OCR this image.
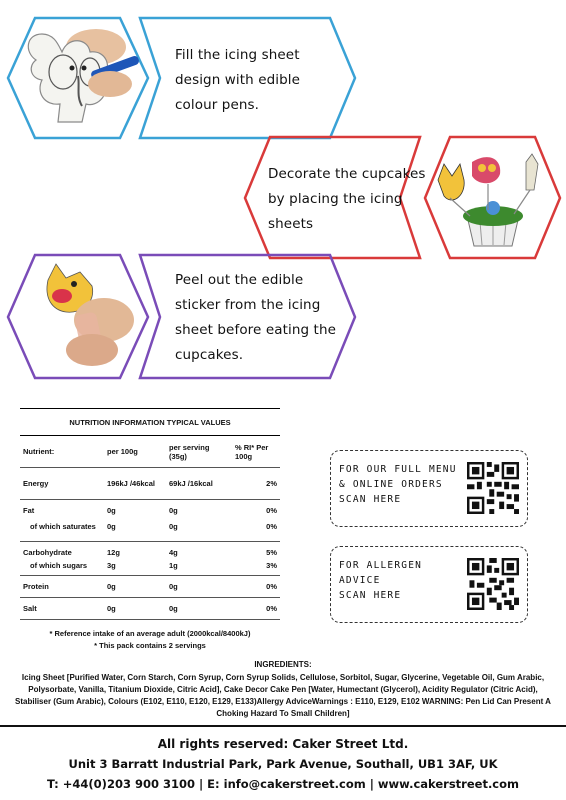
Fill the icing sheet
design with edible
colour pens.
Decorate the cupcakes
by placing the icing
sheets
Peel out the edible
sticker from the icing
sheet before eating the
cupcakes.
NUTRITION INFORMATION TYPICAL VALUES			
Nutrient:	per 100g	per serving (35g)	% RI* Per 100g
Energy	196kJ /46kcal	69kJ /16kcal	2%
Fat	0g	0g	0%
of which saturates	0g	0g	0%
Carbohydrate	12g	4g	5%
of which sugars	3g	1g	3%
Protein	0g	0g	0%
Salt	0g	0g	0%
* Reference intake of an average adult (2000kcal/8400kJ)
* This pack contains 2 servings
FOR OUR FULL MENU
& ONLINE ORDERS
SCAN HERE
FOR ALLERGEN
ADVICE
SCAN HERE
INGREDIENTS:
Icing Sheet [Purified Water, Corn Starch, Corn Syrup, Corn Syrup Solids, Cellulose, Sorbitol, Sugar, Glycerine, Vegetable Oil, Gum Arabic, Polysorbate, Vanilla, Titanium Dioxide, Citric Acid], Cake Decor Cake Pen [Water, Humectant (Glycerol), Acidity Regulator (Citric Acid), Stabiliser (Gum Arabic), Colours (E102, E110, E120, E129, E133)Allergy AdviceWarnings : E110, E129, E102 WARNING: Pen Lid Can Present A Choking Hazard To Small Children]
All rights reserved: Caker Street Ltd.
Unit 3 Barratt Industrial Park, Park Avenue, Southall, UB1 3AF, UK
T: +44(0)203 900 3100 | E: info@cakerstreet.com | www.cakerstreet.com
